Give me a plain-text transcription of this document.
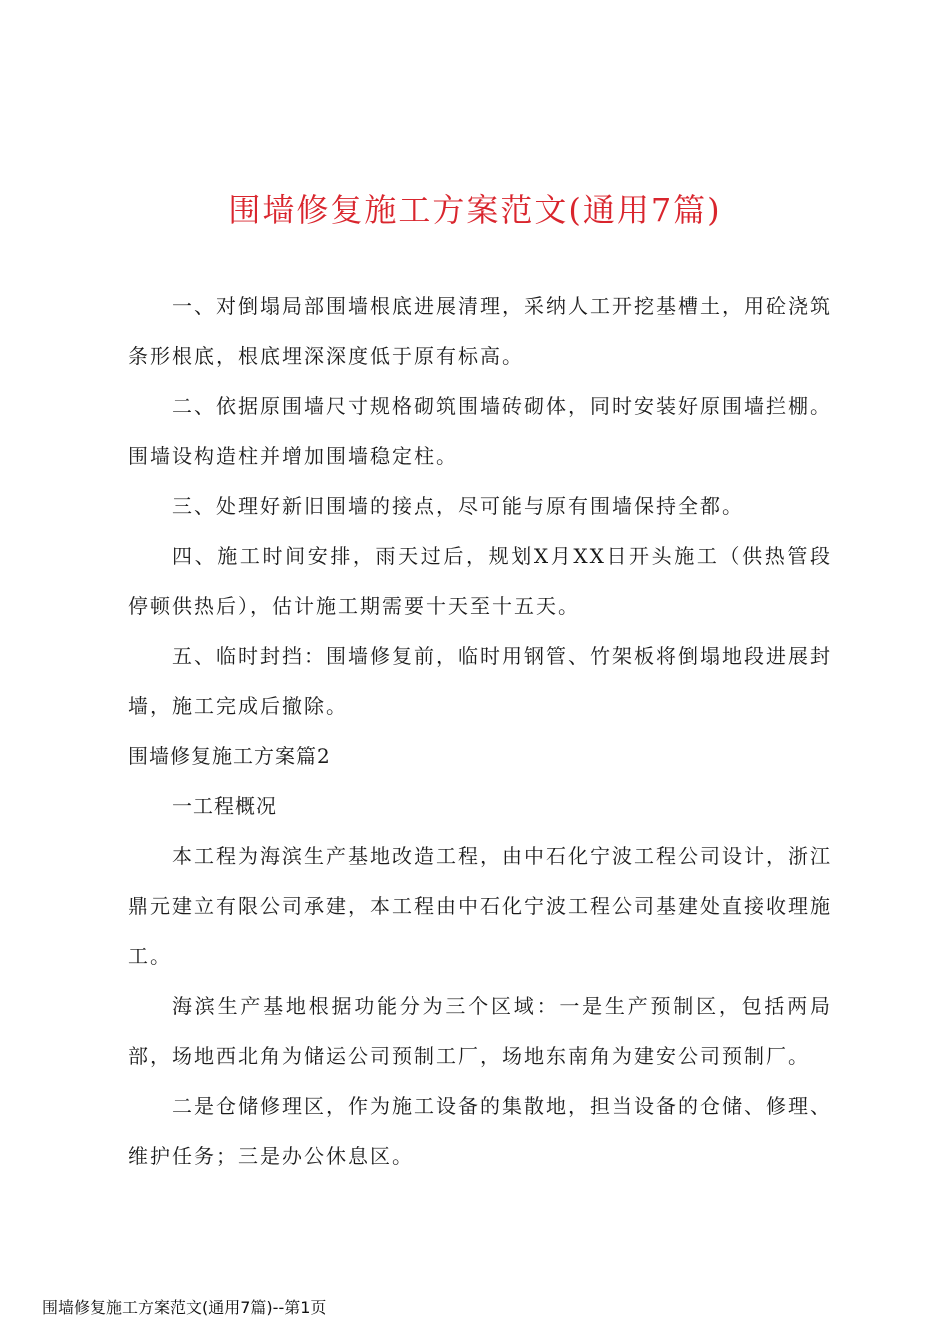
围墙修复施工方案范文(通用7篇)

一、对倒塌局部围墙根底进展清理，采纳人工开挖基槽土，用砼浇筑条形根底，根底埋深深度低于原有标高。

二、依据原围墙尺寸规格砌筑围墙砖砌体，同时安装好原围墙拦棚。围墙设构造柱并增加围墙稳定柱。

三、处理好新旧围墙的接点，尽可能与原有围墙保持全都。

四、施工时间安排，雨天过后，规划X月XX日开头施工（供热管段停顿供热后），估计施工期需要十天至十五天。

五、临时封挡：围墙修复前，临时用钢管、竹架板将倒塌地段进展封墙，施工完成后撤除。

围墙修复施工方案篇2

一工程概况

本工程为海滨生产基地改造工程，由中石化宁波工程公司设计，浙江鼎元建立有限公司承建，本工程由中石化宁波工程公司基建处直接收理施工。

海滨生产基地根据功能分为三个区域：一是生产预制区，包括两局部，场地西北角为储运公司预制工厂，场地东南角为建安公司预制厂。

二是仓储修理区，作为施工设备的集散地，担当设备的仓储、修理、维护任务；三是办公休息区。

围墙修复施工方案范文(通用7篇)--第1页
